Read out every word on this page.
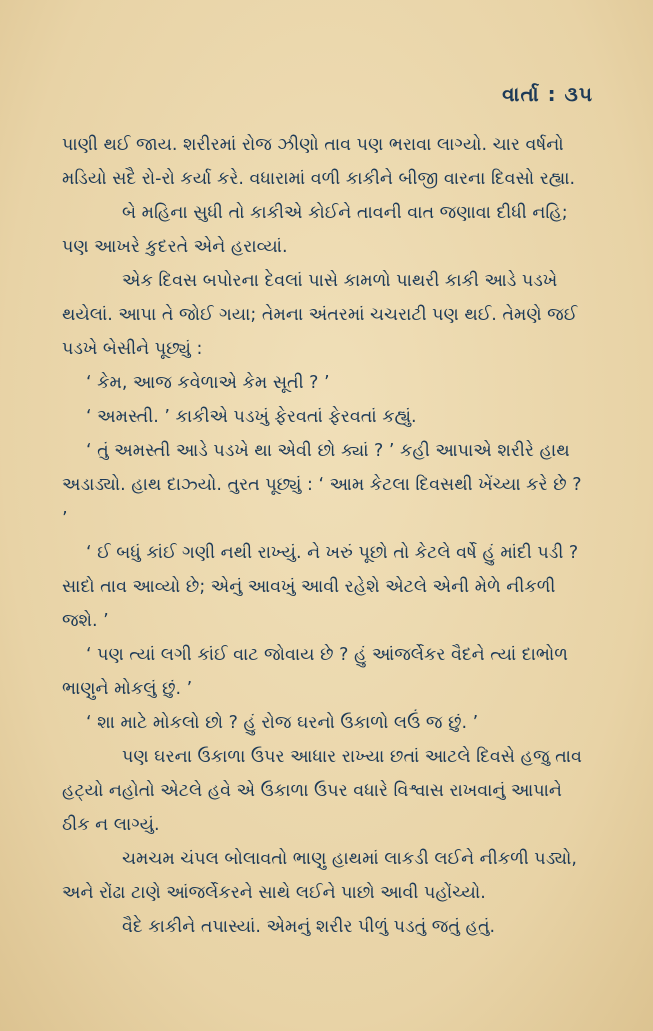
વાર્તા : ૩૫

પાણી થઈ જાય. શરીરમાં રોજ ઝીણો તાવ પણ ભરાવા લાગ્યો. ચાર વર્ષનો મડિયો સદૈ રો-રો કર્યા કરે. વધારામાં વળી કાકીને બીજી વારના દિવસો રહ્યા.

બે મહિના સુધી તો કાકીએ કોઈને તાવની વાત જણાવા દીધી નહિ; પણ આખરે કુદરતે એને હરાવ્યાં.

એક દિવસ બપોરના દેવલાં પાસે કામળો પાથરી કાકી આડે પડખે થયેલાં. આપા તે જોઈ ગયા; તેમના અંતરમાં ચચરાટી પણ થઈ. તેમણે જઈ પડખે બેસીને પૂછ્યું :

‘ કેમ, આજ કવેળાએ કેમ સૂતી ? ’

‘ અમસ્તી. ’ કાકીએ પડખું ફેરવતાં ફેરવતાં કહ્યું.

‘ તું અમસ્તી આડે પડખે થા એવી છો ક્યાં ? ’ કહી આપાએ શરીરે હાથ અડાડ્યો. હાથ દાઝ્યો. તુરત પૂછ્યું : ‘ આમ કેટલા દિવસથી ખેંચ્યા કરે છે ? ’

‘ ઈ બધું કાંઈ ગણી નથી રાખ્યું. ને ખરું પૂછો તો કેટલે વર્ષે હું માંદી પડી ? સાદો તાવ આવ્યો છે; એનું આવખું આવી રહેશે એટલે એની મેળે નીકળી જશે. ’

‘ પણ ત્યાં લગી કાંઈ વાટ જોવાય છે ? હું આંજર્લેકર વૈદને ત્યાં દાભોળ ભાણુને મોકલું છું. ’

‘ શા માટે મોકલો છો ? હું રોજ ઘરનો ઉકાળો લઉં જ છું. ’

પણ ઘરના ઉકાળા ઉપર આધાર રાખ્યા છતાં આટલે દિવસે હજુ તાવ હટ્યો નહોતો એટલે હવે એ ઉકાળા ઉપર વધારે વિશ્વાસ રાખવાનું આપાને ઠીક ન લાગ્યું.

ચમચમ ચંપલ બોલાવતો ભાણુ હાથમાં લાકડી લઈને નીકળી પડ્યો, અને રોંઢા ટાણે આંજર્લેકરને સાથે લઈને પાછો આવી પહોંચ્યો.

વૈદે કાકીને તપાસ્યાં. એમનું શરીર પીળું પડતું જતું હતું.
